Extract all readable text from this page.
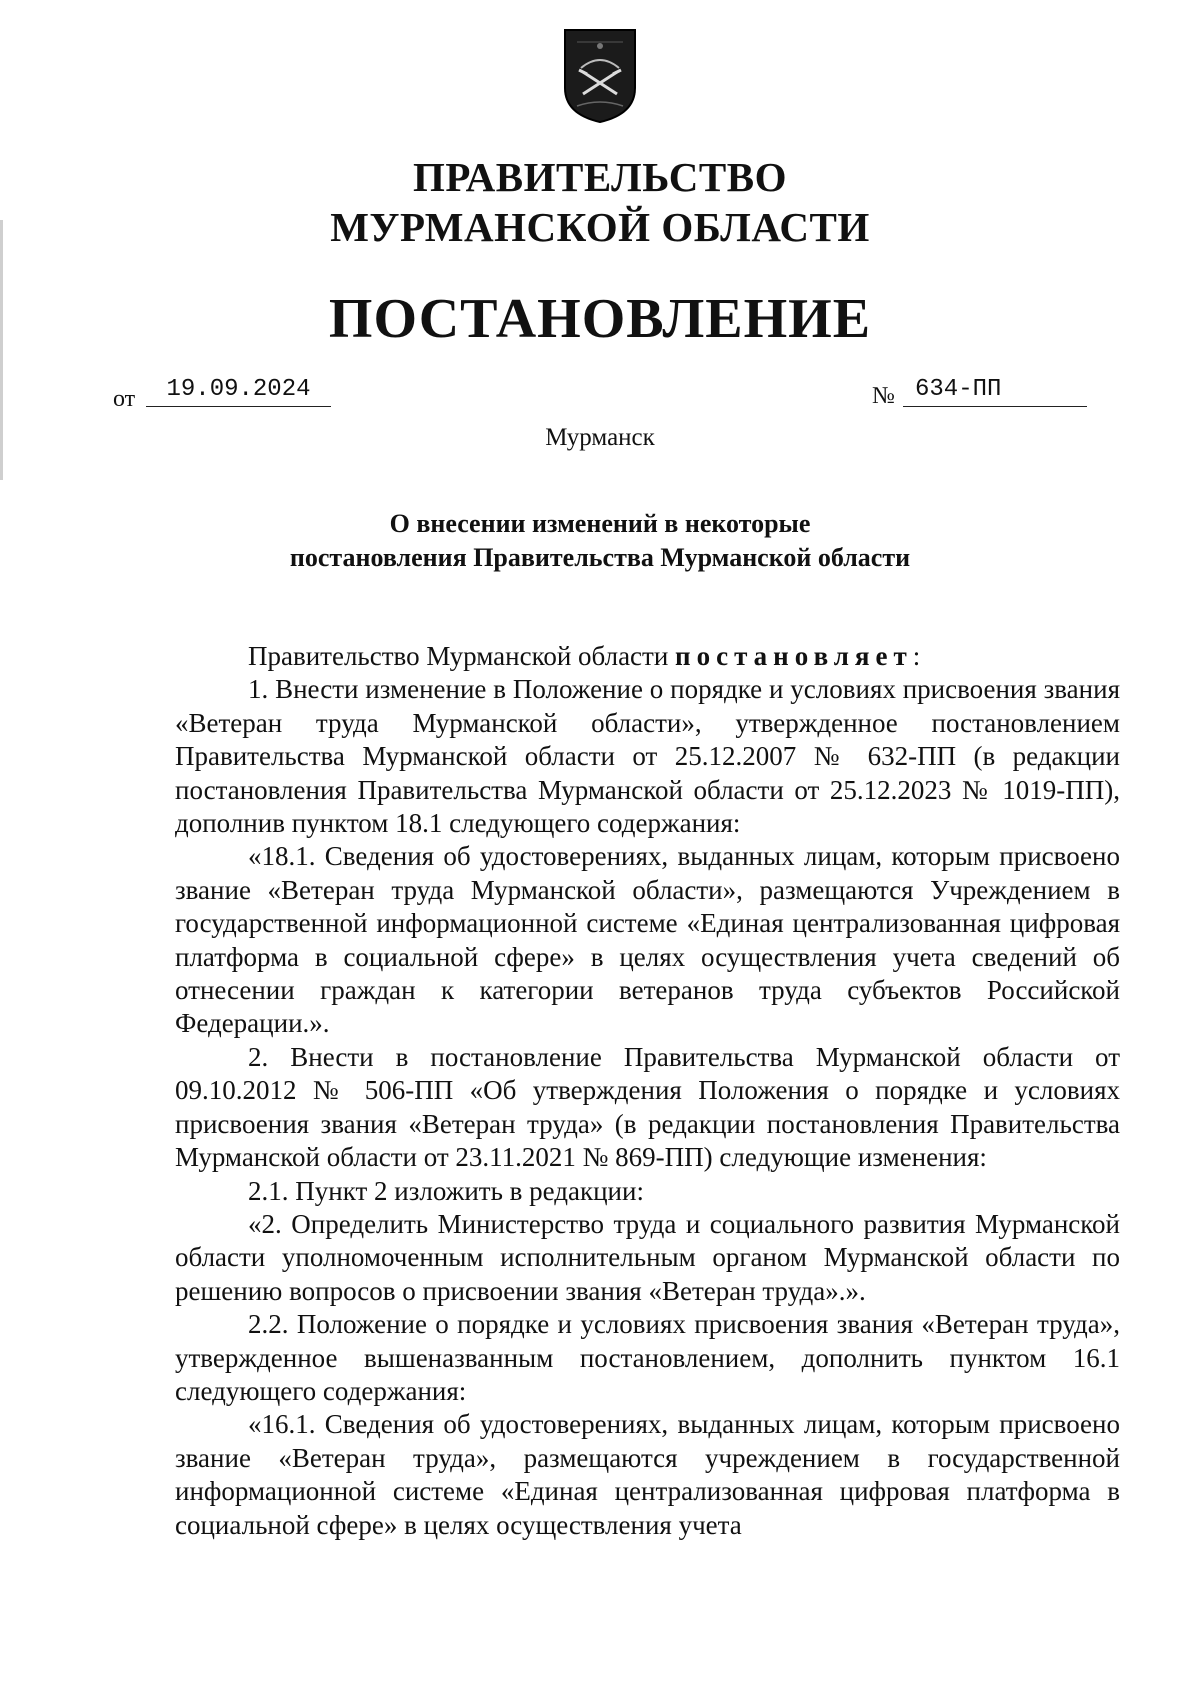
ПРАВИТЕЛЬСТВО
МУРМАНСКОЙ ОБЛАСТИ
ПОСТАНОВЛЕНИЕ
от	19.09.2024	№ 634-ПП
Мурманск
О внесении изменений в некоторые
постановления Правительства Мурманской области

Правительство Мурманской области постановляет:

1. Внести изменение в Положение о порядке и условиях присвоения звания «Ветеран труда Мурманской области», утвержденное постановлением Правительства Мурманской области от 25.12.2007 № 632-ПП (в редакции постановления Правительства Мурманской области от 25.12.2023 № 1019-ПП), дополнив пунктом 18.1 следующего содержания:

«18.1. Сведения об удостоверениях, выданных лицам, которым присвоено звание «Ветеран труда Мурманской области», размещаются Учреждением в государственной информационной системе «Единая централизованная цифровая платформа в социальной сфере» в целях осуществления учета сведений об отнесении граждан к категории ветеранов труда субъектов Российской Федерации.».

2. Внести в постановление Правительства Мурманской области от 09.10.2012 № 506-ПП «Об утверждения Положения о порядке и условиях присвоения звания «Ветеран труда» (в редакции постановления Правительства Мурманской области от 23.11.2021 № 869-ПП) следующие изменения:

2.1. Пункт 2 изложить в редакции:

«2. Определить Министерство труда и социального развития Мурманской области уполномоченным исполнительным органом Мурманской области по решению вопросов о присвоении звания «Ветеран труда».».

2.2. Положение о порядке и условиях присвоения звания «Ветеран труда», утвержденное вышеназванным постановлением, дополнить пунктом 16.1 следующего содержания:

«16.1. Сведения об удостоверениях, выданных лицам, которым присвоено звание «Ветеран труда», размещаются учреждением в государственной информационной системе «Единая централизованная цифровая платформа в социальной сфере» в целях осуществления учета
